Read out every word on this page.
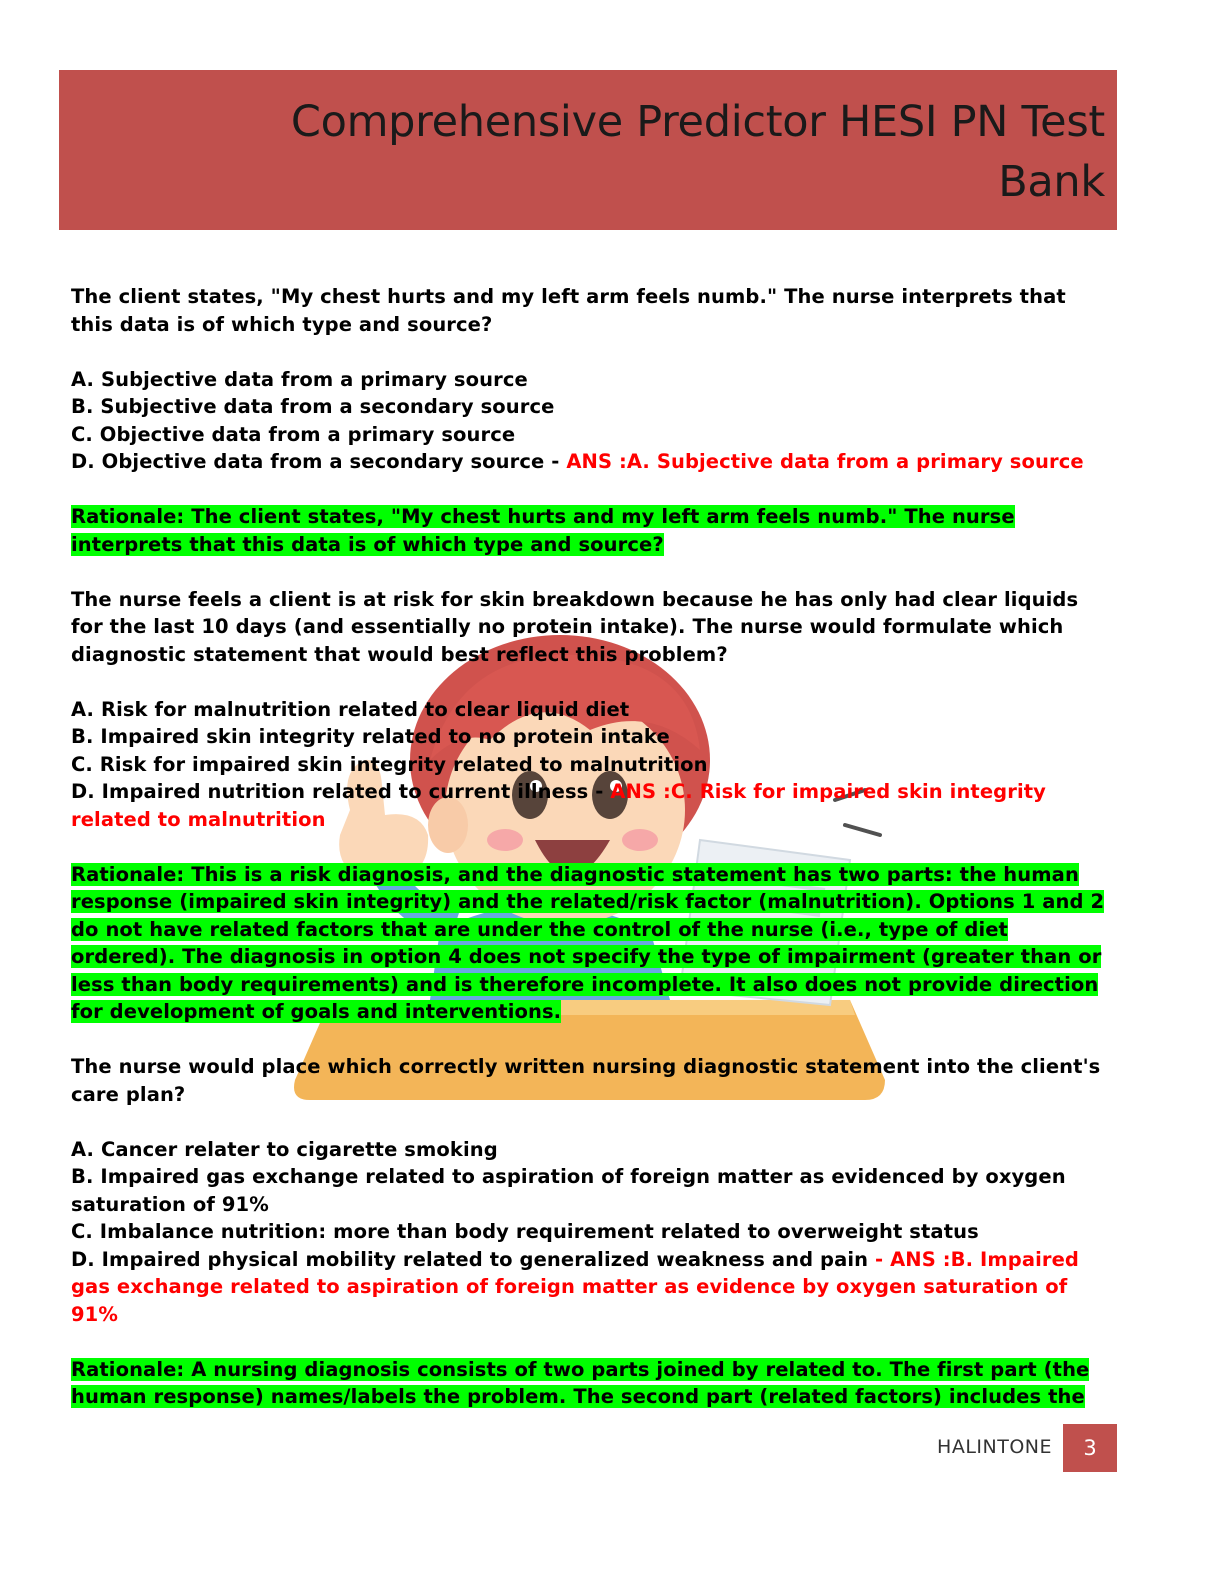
Comprehensive Predictor HESI PN Test
Bank

The client states, "My chest hurts and my left arm feels numb." The nurse interprets that

this data is of which type and source?

A. Subjective data from a primary source

B. Subjective data from a secondary source

C. Objective data from a primary source

D. Objective data from a secondary source - ANS :A. Subjective data from a primary source

Rationale: The client states, "My chest hurts and my left arm feels numb." The nurse

interprets that this data is of which type and source?

The nurse feels a client is at risk for skin breakdown because he has only had clear liquids

for the last 10 days (and essentially no protein intake). The nurse would formulate which

diagnostic statement that would best reflect this problem?

A. Risk for malnutrition related to clear liquid diet

B. Impaired skin integrity related to no protein intake

C. Risk for impaired skin integrity related to malnutrition

D. Impaired nutrition related to current illness - ANS :C. Risk for impaired skin integrity

related to malnutrition

Rationale: This is a risk diagnosis, and the diagnostic statement has two parts: the human

response (impaired skin integrity) and the related/risk factor (malnutrition). Options 1 and 2

do not have related factors that are under the control of the nurse (i.e., type of diet

ordered). The diagnosis in option 4 does not specify the type of impairment (greater than or

less than body requirements) and is therefore incomplete. It also does not provide direction

for development of goals and interventions.

The nurse would place which correctly written nursing diagnostic statement into the client's

care plan?

A. Cancer relater to cigarette smoking

B. Impaired gas exchange related to aspiration of foreign matter as evidenced by oxygen

saturation of 91%

C. Imbalance nutrition: more than body requirement related to overweight status

D. Impaired physical mobility related to generalized weakness and pain - ANS :B. Impaired

gas exchange related to aspiration of foreign matter as evidence by oxygen saturation of

91%

Rationale: A nursing diagnosis consists of two parts joined by related to. The first part (the

human response) names/labels the problem. The second part (related factors) includes the

HALINTONE	3
